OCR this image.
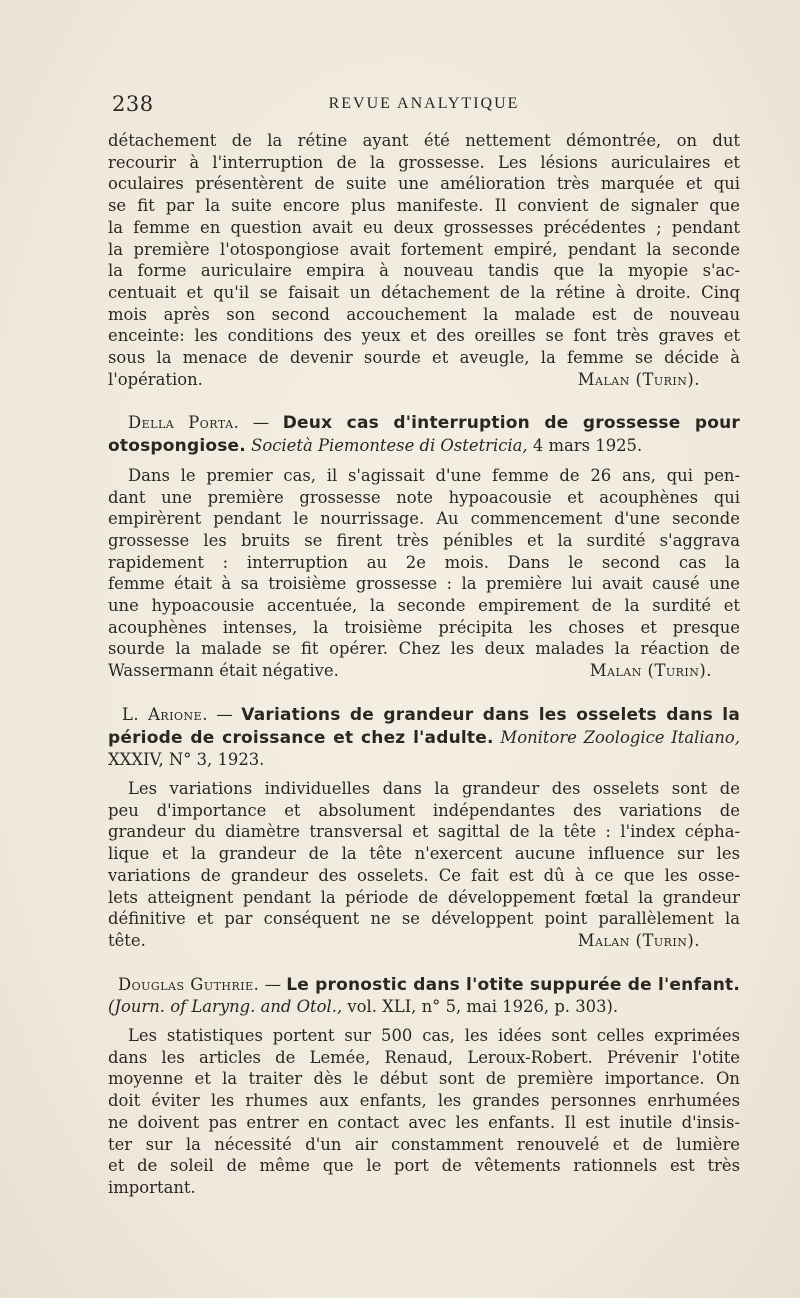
238	REVUE ANALYTIQUE
détachement de la rétine ayant été nettement démontrée, on dut
recourir à l'interruption de la grossesse. Les lésions auriculaires et
oculaires présentèrent de suite une amélioration très marquée et qui
se fit par la suite encore plus manifeste. Il convient de signaler que
la femme en question avait eu deux grossesses précédentes ; pendant
la première l'otospongiose avait fortement empiré, pendant la seconde
la forme auriculaire empira à nouveau tandis que la myopie s'ac-
centuait et qu'il se faisait un détachement de la rétine à droite. Cinq
mois après son second accouchement la malade est de nouveau
enceinte: les conditions des yeux et des oreilles se font très graves et
sous la menace de devenir sourde et aveugle, la femme se décide à
l'opération.	Malan (Turin).
Della Porta. — Deux cas d'interruption de grossesse pour otospongiose. Società Piemontese di Ostetricia, 4 mars 1925.
Dans le premier cas, il s'agissait d'une femme de 26 ans, qui pen-
dant une première grossesse note hypoacousie et acouphènes qui
empirèrent pendant le nourrissage. Au commencement d'une seconde
grossesse les bruits se firent très pénibles et la surdité s'aggrava
rapidement : interruption au 2e mois. Dans le second cas la
femme était à sa troisième grossesse : la première lui avait causé une
une hypoacousie accentuée, la seconde empirement de la surdité et
acouphènes intenses, la troisième précipita les choses et presque
sourde la malade se fit opérer. Chez les deux malades la réaction de
Wassermann était négative.	Malan (Turin).
L. Arione. — Variations de grandeur dans les osselets dans la période de croissance et chez l'adulte. Monitore Zoologice Italiano, XXXIV, N° 3, 1923.
Les variations individuelles dans la grandeur des osselets sont de
peu d'importance et absolument indépendantes des variations de
grandeur du diamètre transversal et sagittal de la tête : l'index cépha-
lique et la grandeur de la tête n'exercent aucune influence sur les
variations de grandeur des osselets. Ce fait est dû à ce que les osse-
lets atteignent pendant la période de développement fœtal la grandeur
définitive et par conséquent ne se développent point parallèlement la
tête.	Malan (Turin).
Douglas Guthrie. — Le pronostic dans l'otite suppurée de l'enfant. (Journ. of Laryng. and Otol., vol. XLI, n° 5, mai 1926, p. 303).
Les statistiques portent sur 500 cas, les idées sont celles exprimées
dans les articles de Lemée, Renaud, Leroux-Robert. Prévenir l'otite
moyenne et la traiter dès le début sont de première importance. On
doit éviter les rhumes aux enfants, les grandes personnes enrhumées
ne doivent pas entrer en contact avec les enfants. Il est inutile d'insis-
ter sur la nécessité d'un air constamment renouvelé et de lumière
et de soleil de même que le port de vêtements rationnels est très
important.
